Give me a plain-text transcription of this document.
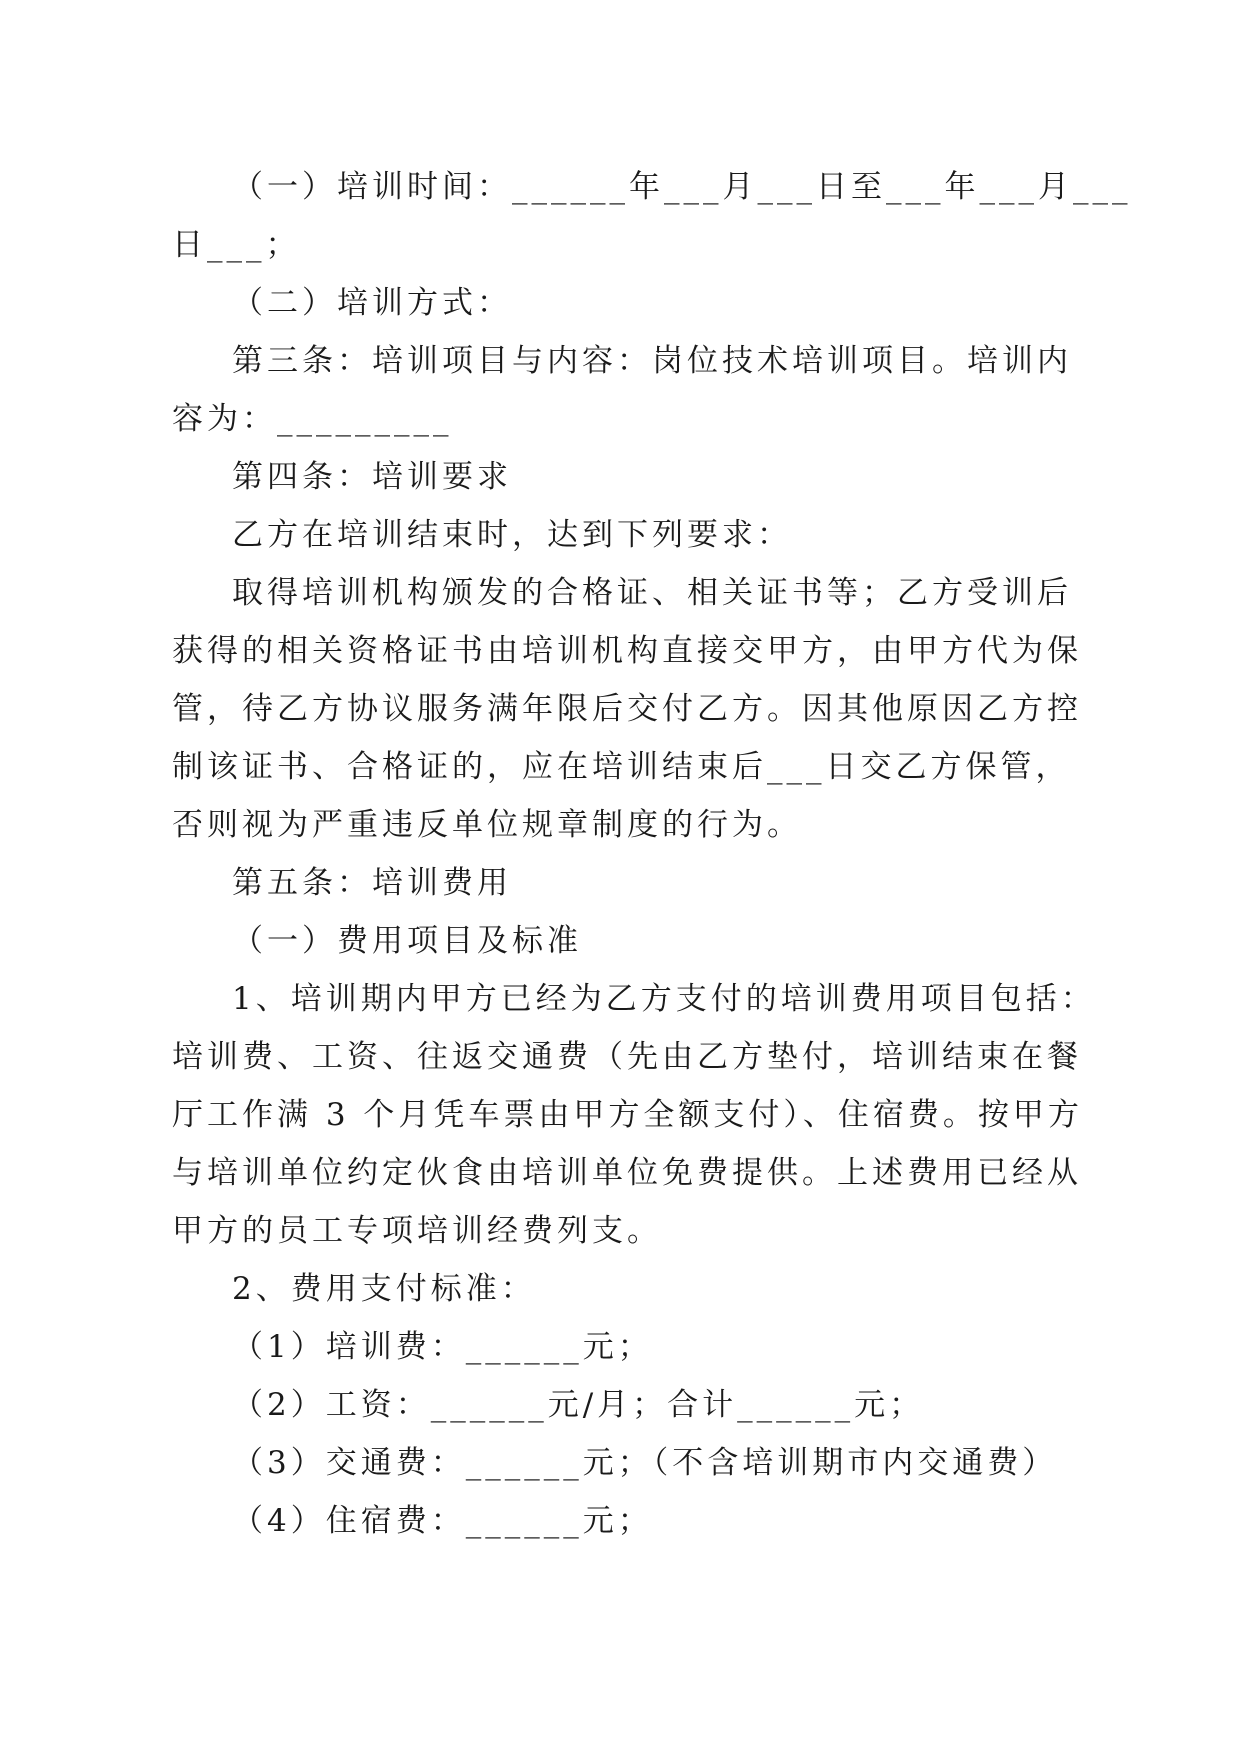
（一）培训时间：______年___月___日至___年___月___
日___；
（二）培训方式：
第三条：培训项目与内容：岗位技术培训项目。培训内
容为：_________
第四条：培训要求
乙方在培训结束时，达到下列要求：
取得培训机构颁发的合格证、相关证书等；乙方受训后
获得的相关资格证书由培训机构直接交甲方，由甲方代为保
管，待乙方协议服务满年限后交付乙方。因其他原因乙方控
制该证书、合格证的，应在培训结束后___日交乙方保管，
否则视为严重违反单位规章制度的行为。
第五条：培训费用
（一）费用项目及标准
1、培训期内甲方已经为乙方支付的培训费用项目包括：
培训费、工资、往返交通费（先由乙方垫付，培训结束在餐
厅工作满 3 个月凭车票由甲方全额支付）、住宿费。按甲方
与培训单位约定伙食由培训单位免费提供。上述费用已经从
甲方的员工专项培训经费列支。
2、费用支付标准：
（1）培训费：______元；
（2）工资：______元/月；合计______元；
（3）交通费：______元；（不含培训期市内交通费）
（4）住宿费：______元；
